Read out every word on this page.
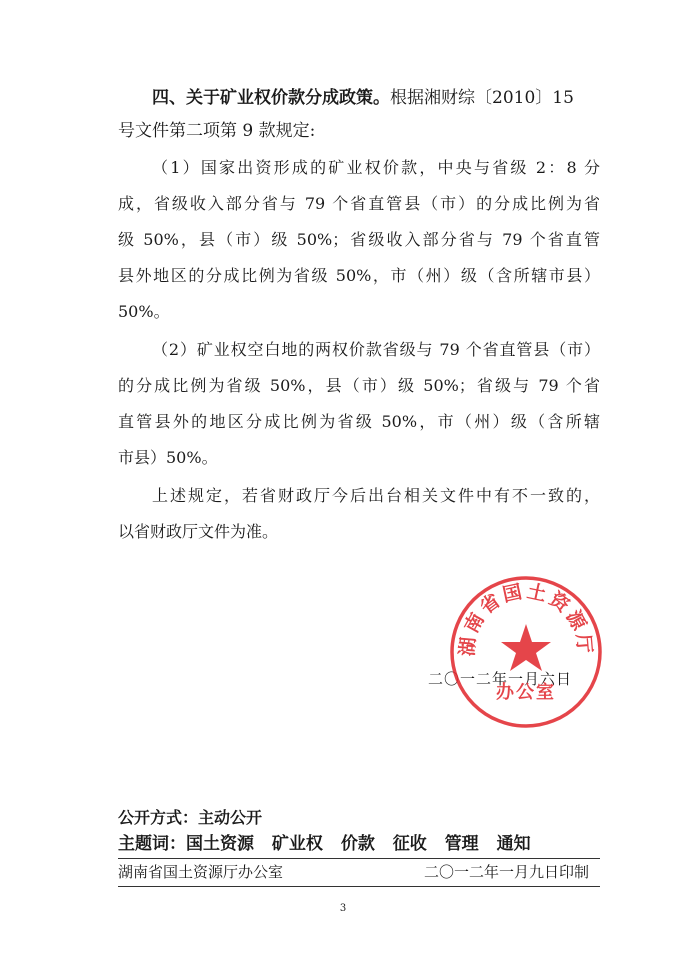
四、关于矿业权价款分成政策。根据湘财综〔2010〕15
号文件第二项第 9 款规定:
（1）国家出资形成的矿业权价款，中央与省级 2：8 分
成，省级收入部分省与 79 个省直管县（市）的分成比例为省
级 50%，县（市）级 50%；省级收入部分省与 79 个省直管
县外地区的分成比例为省级 50%，市（州）级（含所辖市县）
50%。
（2）矿业权空白地的两权价款省级与 79 个省直管县（市）
的分成比例为省级 50%，县（市）级 50%；省级与 79 个省
直管县外的地区分成比例为省级 50%，市（州）级（含所辖
市县）50%。
上述规定，若省财政厅今后出台相关文件中有不一致的，
以省财政厅文件为准。
二〇一二年一月六日
湖南省国土资源厅
办公室
公开方式：主动公开
主题词：国土资源 矿业权 价款 征收 管理 通知
湖南省国土资源厅办公室	二〇一二年一月九日印制
3
